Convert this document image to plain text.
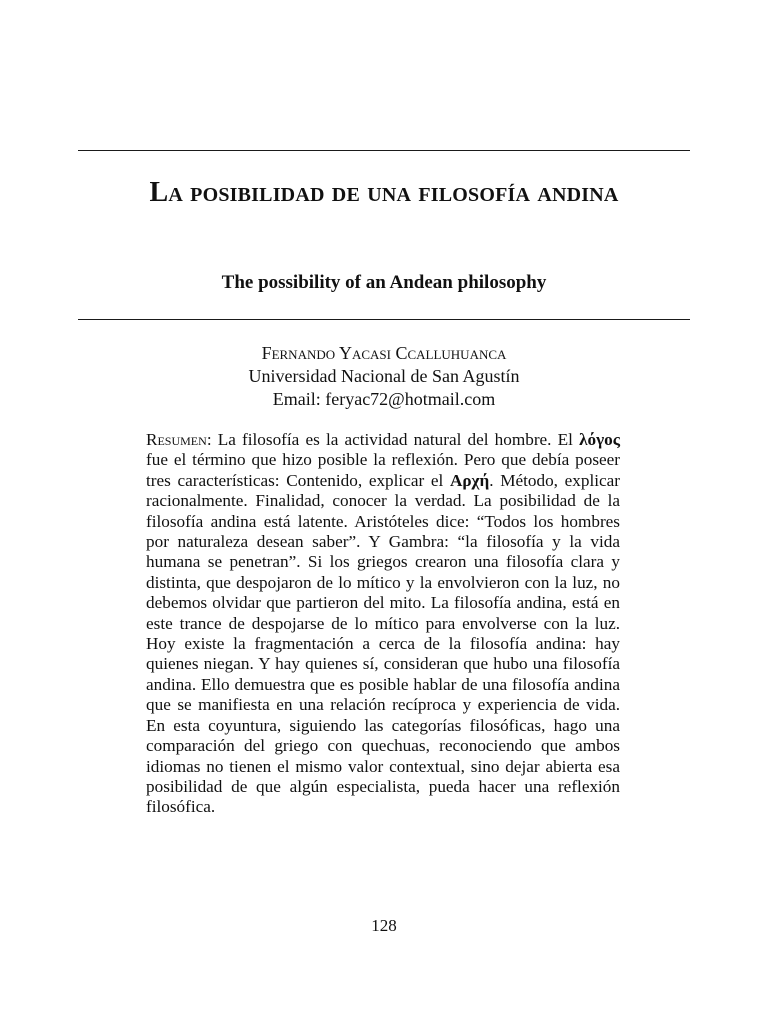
La posibilidad de una filosofía andina
The possibility of an Andean philosophy
Fernando Yacasi Ccalluhuanca
Universidad Nacional de San Agustín
Email: feryac72@hotmail.com

Resumen: La filosofía es la actividad natural del hombre. El λόγος fue el término que hizo posible la reflexión. Pero que debía poseer tres características: Contenido, explicar el Αρχή. Método, explicar racionalmente. Finalidad, conocer la verdad. La posibilidad de la filosofía andina está latente. Aristóteles dice: “Todos los hombres por naturaleza desean saber”. Y Gambra: “la filosofía y la vida humana se penetran”. Si los griegos crearon una filosofía clara y distinta, que despojaron de lo mítico y la envolvieron con la luz, no debemos olvidar que partieron del mito. La filosofía andina, está en este trance de despojarse de lo mítico para envolverse con la luz. Hoy existe la fragmentación a cerca de la filosofía andina: hay quienes niegan. Y hay quienes sí, consideran que hubo una filosofía andina. Ello demuestra que es posible hablar de una filosofía andina que se manifiesta en una relación recíproca y experiencia de vida. En esta coyuntura, siguiendo las categorías filosóficas, hago una comparación del griego con quechuas, reconociendo que ambos idiomas no tienen el mismo valor contextual, sino dejar abierta esa posibilidad de que algún especialista, pueda hacer una reflexión filosófica.

128
